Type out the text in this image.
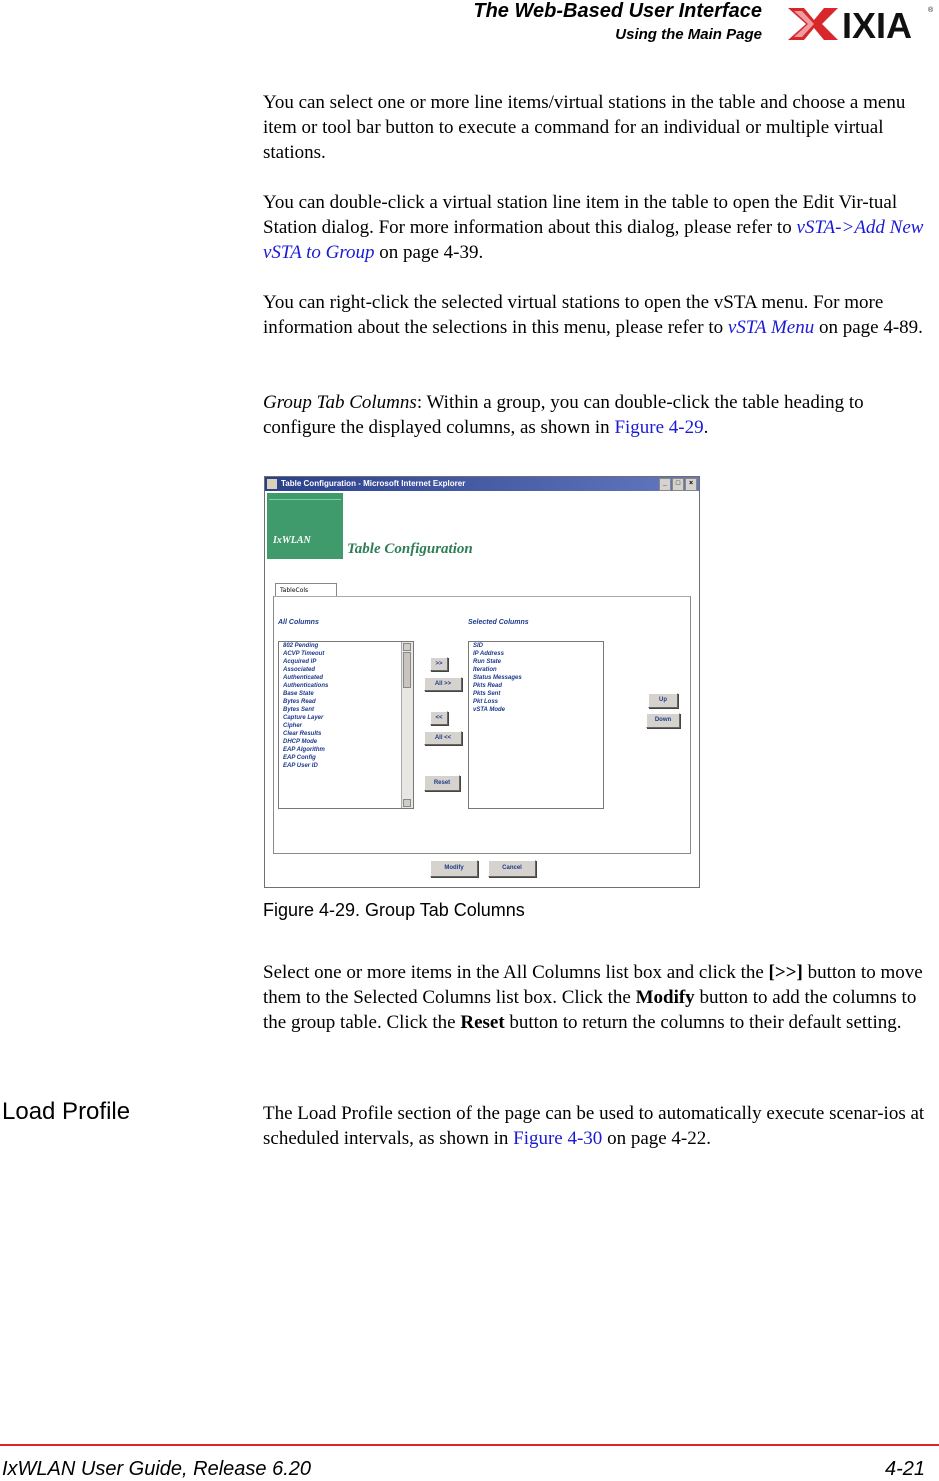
The Web-Based User Interface
Using the Main Page IXIA ®

You can select one or more line items/virtual stations in the table and choose a menu item or tool bar button to execute a command for an individual or multiple virtual stations.

You can double-click a virtual station line item in the table to open the Edit Vir-tual Station dialog. For more information about this dialog, please refer to vSTA->Add New vSTA to Group on page 4-39.

You can right-click the selected virtual stations to open the vSTA menu. For more information about the selections in this menu, please refer to vSTA Menu on page 4-89.

Group Tab Columns: Within a group, you can double-click the table heading to configure the displayed columns, as shown in Figure 4-29.

Table Configuration - Microsoft Internet Explorer	_	□	×
IxWLAN
Table Configuration
TableCols
All Columns	Selected Columns
802 Pending
ACVP Timeout
Acquired IP
Associated
Authenticated
Authentications
Base State
Bytes Read
Bytes Sent
Capture Layer
Cipher
Clear Results
DHCP Mode
EAP Algorithm
EAP Config
EAP User ID
SID
IP Address
Run State
Iteration
Status Messages
Pkts Read
Pkts Sent
Pkt Loss
vSTA Mode
>>
All >>
<<
All <<
Reset
Up
Down
Modify	Cancel
Figure 4-29. Group Tab Columns

Select one or more items in the All Columns list box and click the [>>] button to move them to the Selected Columns list box. Click the Modify button to add the columns to the group table. Click the Reset button to return the columns to their default setting.

Load Profile	The Load Profile section of the page can be used to automatically execute scenar-ios at scheduled intervals, as shown in Figure 4-30 on page 4-22.

IxWLAN User Guide, Release 6.20	4-21
